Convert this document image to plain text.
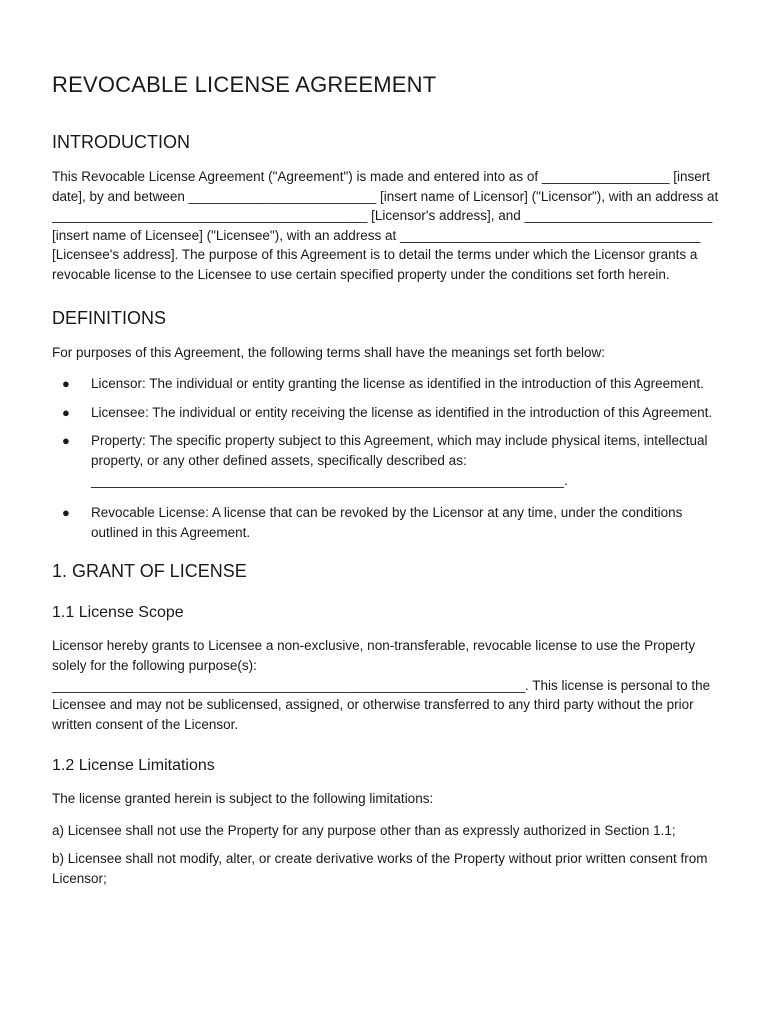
REVOCABLE LICENSE AGREEMENT
INTRODUCTION

This Revocable License Agreement ("Agreement") is made and entered into as of _________________ [insert date], by and between _________________________ [insert name of Licensor] ("Licensor"), with an address at __________________________________________ [Licensor's address], and _________________________ [insert name of Licensee] ("Licensee"), with an address at ________________________________________ [Licensee's address]. The purpose of this Agreement is to detail the terms under which the Licensor grants a revocable license to the Licensee to use certain specified property under the conditions set forth herein.

DEFINITIONS

For purposes of this Agreement, the following terms shall have the meanings set forth below:

● Licensor: The individual or entity granting the license as identified in the introduction of this Agreement.
● Licensee: The individual or entity receiving the license as identified in the introduction of this Agreement.
● Property: The specific property subject to this Agreement, which may include physical items, intellectual property, or any other defined assets, specifically described as: _______________________________________________________________.
● Revocable License: A license that can be revoked by the Licensor at any time, under the conditions outlined in this Agreement.
1. GRANT OF LICENSE
1.1 License Scope

Licensor hereby grants to Licensee a non-exclusive, non-transferable, revocable license to use the Property solely for the following purpose(s): _______________________________________________________________. This license is personal to the Licensee and may not be sublicensed, assigned, or otherwise transferred to any third party without the prior written consent of the Licensor.

1.2 License Limitations

The license granted herein is subject to the following limitations:

a) Licensee shall not use the Property for any purpose other than as expressly authorized in Section 1.1;

b) Licensee shall not modify, alter, or create derivative works of the Property without prior written consent from Licensor;
